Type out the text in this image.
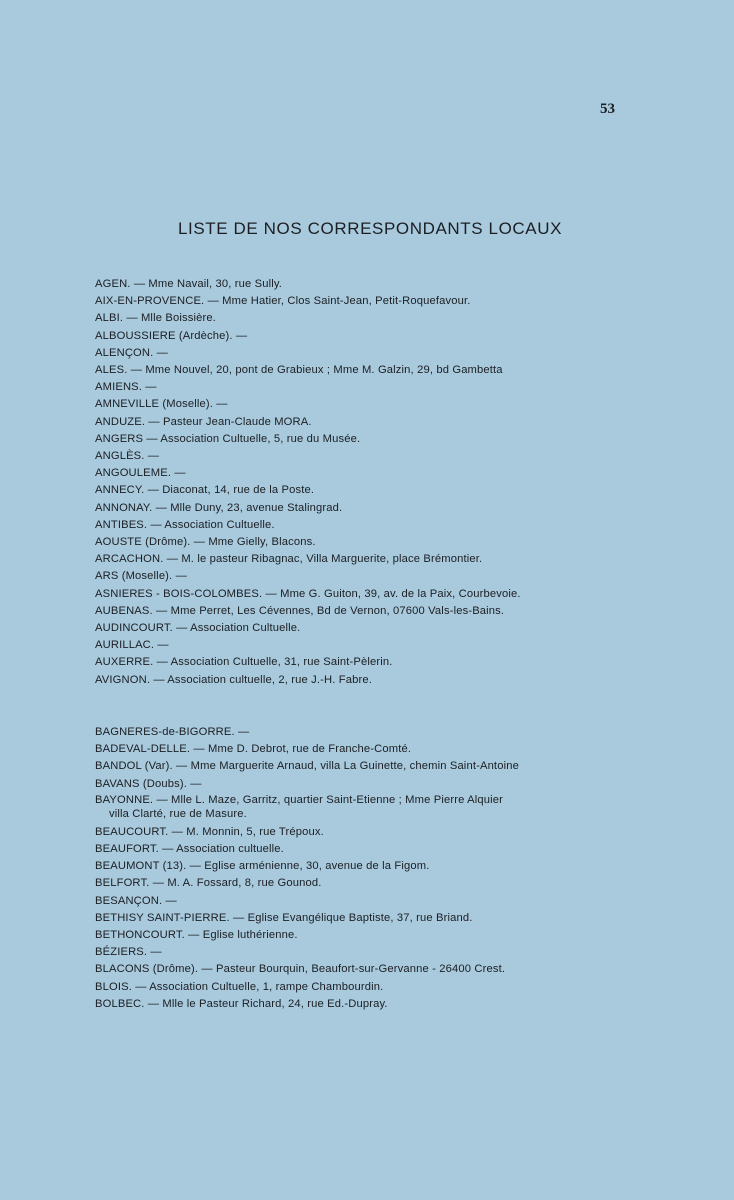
53
LISTE DE NOS CORRESPONDANTS LOCAUX
AGEN. — Mme Navail, 30, rue Sully.
AIX-EN-PROVENCE. — Mme Hatier, Clos Saint-Jean, Petit-Roquefavour.
ALBI. — Mlle Boissière.
ALBOUSSIERE (Ardèche). —
ALENÇON. —
ALES. — Mme Nouvel, 20, pont de Grabieux ; Mme M. Galzin, 29, bd Gambetta
AMIENS. —
AMNEVILLE (Moselle). —
ANDUZE. — Pasteur Jean-Claude MORA.
ANGERS — Association Cultuelle, 5, rue du Musée.
ANGLÈS. —
ANGOULEME. —
ANNECY. — Diaconat, 14, rue de la Poste.
ANNONAY. — Mlle Duny, 23, avenue Stalingrad.
ANTIBES. — Association Cultuelle.
AOUSTE (Drôme). — Mme Gielly, Blacons.
ARCACHON. — M. le pasteur Ribagnac, Villa Marguerite, place Brémontier.
ARS (Moselle). —
ASNIERES - BOIS-COLOMBES. — Mme G. Guiton, 39, av. de la Paix, Courbevoie.
AUBENAS. — Mme Perret, Les Cévennes, Bd de Vernon, 07600 Vals-les-Bains.
AUDINCOURT. — Association Cultuelle.
AURILLAC. —
AUXERRE. — Association Cultuelle, 31, rue Saint-Pèlerin.
AVIGNON. — Association cultuelle, 2, rue J.-H. Fabre.
BAGNERES-de-BIGORRE. —
BADEVAL-DELLE. — Mme D. Debrot, rue de Franche-Comté.
BANDOL (Var). — Mme Marguerite Arnaud, villa La Guinette, chemin Saint-Antoine
BAVANS (Doubs). —
BAYONNE. — Mlle L. Maze, Garritz, quartier Saint-Etienne ; Mme Pierre Alquier
villa Clarté, rue de Masure.
BEAUCOURT. — M. Monnin, 5, rue Trépoux.
BEAUFORT. — Association cultuelle.
BEAUMONT (13). — Eglise arménienne, 30, avenue de la Figom.
BELFORT. — M. A. Fossard, 8, rue Gounod.
BESANÇON. —
BETHISY SAINT-PIERRE. — Eglise Evangélique Baptiste, 37, rue Briand.
BETHONCOURT. — Eglise luthérienne.
BÉZIERS. —
BLACONS (Drôme). — Pasteur Bourquin, Beaufort-sur-Gervanne - 26400 Crest.
BLOIS. — Association Cultuelle, 1, rampe Chambourdin.
BOLBEC. — Mlle le Pasteur Richard, 24, rue Ed.-Dupray.
